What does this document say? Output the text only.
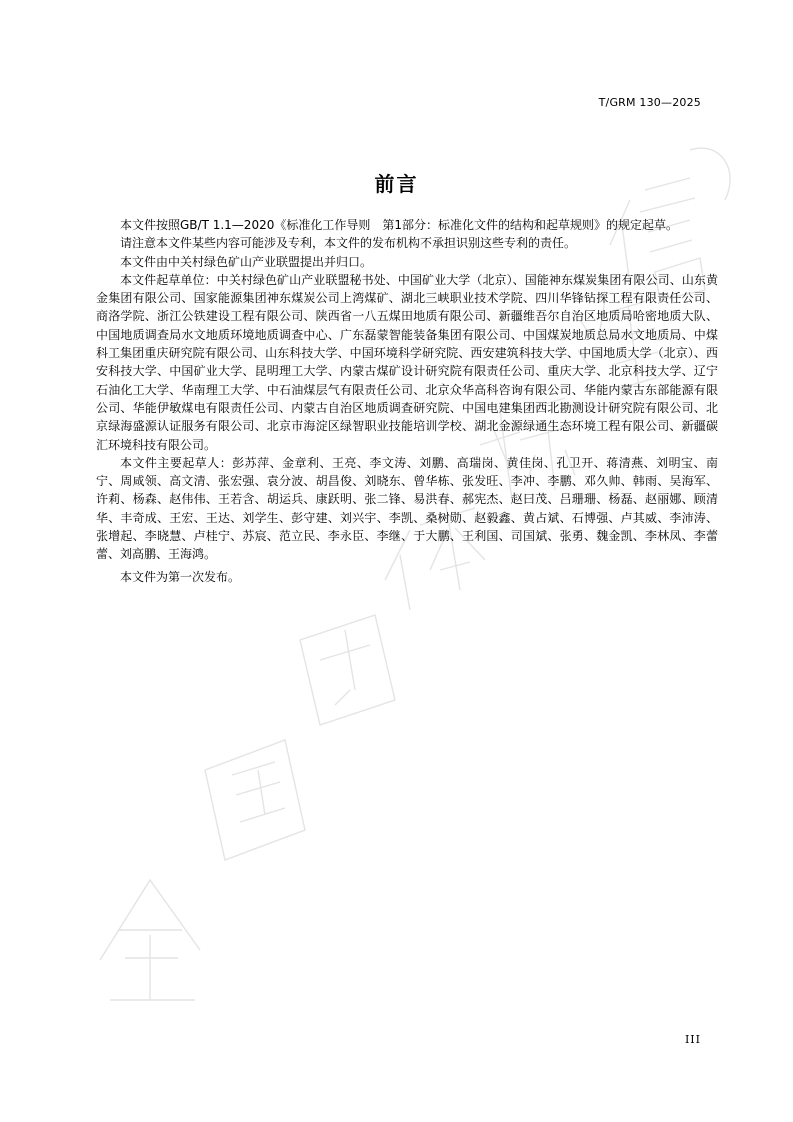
T/GRM 130—2025
前言

本文件按照GB/T 1.1—2020《标准化工作导则　第1部分：标准化文件的结构和起草规则》的规定起草。

请注意本文件某些内容可能涉及专利，本文件的发布机构不承担识别这些专利的责任。

本文件由中关村绿色矿山产业联盟提出并归口。

本文件起草单位：中关村绿色矿山产业联盟秘书处、中国矿业大学（北京）、国能神东煤炭集团有限公司、山东黄金集团有限公司、国家能源集团神东煤炭公司上湾煤矿、湖北三峡职业技术学院、四川华锋钻探工程有限责任公司、商洛学院、浙江公铁建设工程有限公司、陕西省一八五煤田地质有限公司、新疆维吾尔自治区地质局哈密地质大队、中国地质调查局水文地质环境地质调查中心、广东磊蒙智能装备集团有限公司、中国煤炭地质总局水文地质局、中煤科工集团重庆研究院有限公司、山东科技大学、中国环境科学研究院、西安建筑科技大学、中国地质大学（北京）、西安科技大学、中国矿业大学、昆明理工大学、内蒙古煤矿设计研究院有限责任公司、重庆大学、北京科技大学、辽宁石油化工大学、华南理工大学、中石油煤层气有限责任公司、北京众华高科咨询有限公司、华能内蒙古东部能源有限公司、华能伊敏煤电有限责任公司、内蒙古自治区地质调查研究院、中国电建集团西北勘测设计研究院有限公司、北京绿海盛源认证服务有限公司、北京市海淀区绿智职业技能培训学校、湖北金源绿通生态环境工程有限公司、新疆碳汇环境科技有限公司。

本文件主要起草人：彭苏萍、金章利、王亮、李文涛、刘鹏、高瑞岗、黄佳岗、孔卫开、蒋清燕、刘明宝、南宁、周咸领、高文清、张宏强、袁分波、胡昌俊、刘晓东、曾华栋、张发旺、李冲、李鹏、邓久帅、韩雨、吴海军、许莉、杨森、赵伟伟、王若含、胡运兵、康跃明、张二锋、易洪春、郝宪杰、赵曰茂、吕珊珊、杨磊、赵丽娜、顾清华、丰奇成、王宏、王达、刘学生、彭守建、刘兴宇、李凯、桑树勋、赵毅鑫、黄占斌、石博强、卢其威、李沛涛、张增起、李晓慧、卢桂宁、苏宸、范立民、李永臣、李继、于大鹏、王利国、司国斌、张勇、魏金凯、李林凤、李蕾蕾、刘高鹏、王海鸿。

本文件为第一次发布。

III
